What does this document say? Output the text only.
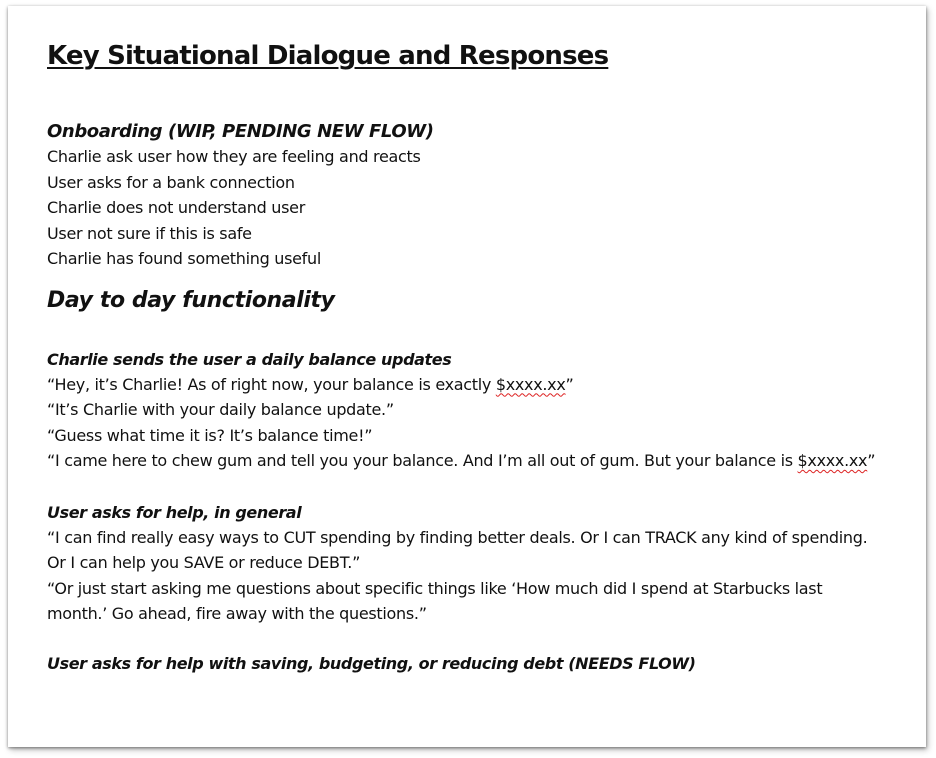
Key Situational Dialogue and Responses
Onboarding (WIP, PENDING NEW FLOW)
Charlie ask user how they are feeling and reacts
User asks for a bank connection
Charlie does not understand user
User not sure if this is safe
Charlie has found something useful
Day to day functionality
Charlie sends the user a daily balance updates
“Hey, it’s Charlie! As of right now, your balance is exactly $xxxx.xx”
“It’s Charlie with your daily balance update.”
“Guess what time it is? It’s balance time!”
“I came here to chew gum and tell you your balance. And I’m all out of gum. But your balance is $xxxx.xx”
User asks for help, in general
“I can find really easy ways to CUT spending by finding better deals. Or I can TRACK any kind of spending. Or I can help you SAVE or reduce DEBT.”
“Or just start asking me questions about specific things like ‘How much did I spend at Starbucks last month.’ Go ahead, fire away with the questions.”
User asks for help with saving, budgeting, or reducing debt (NEEDS FLOW)
